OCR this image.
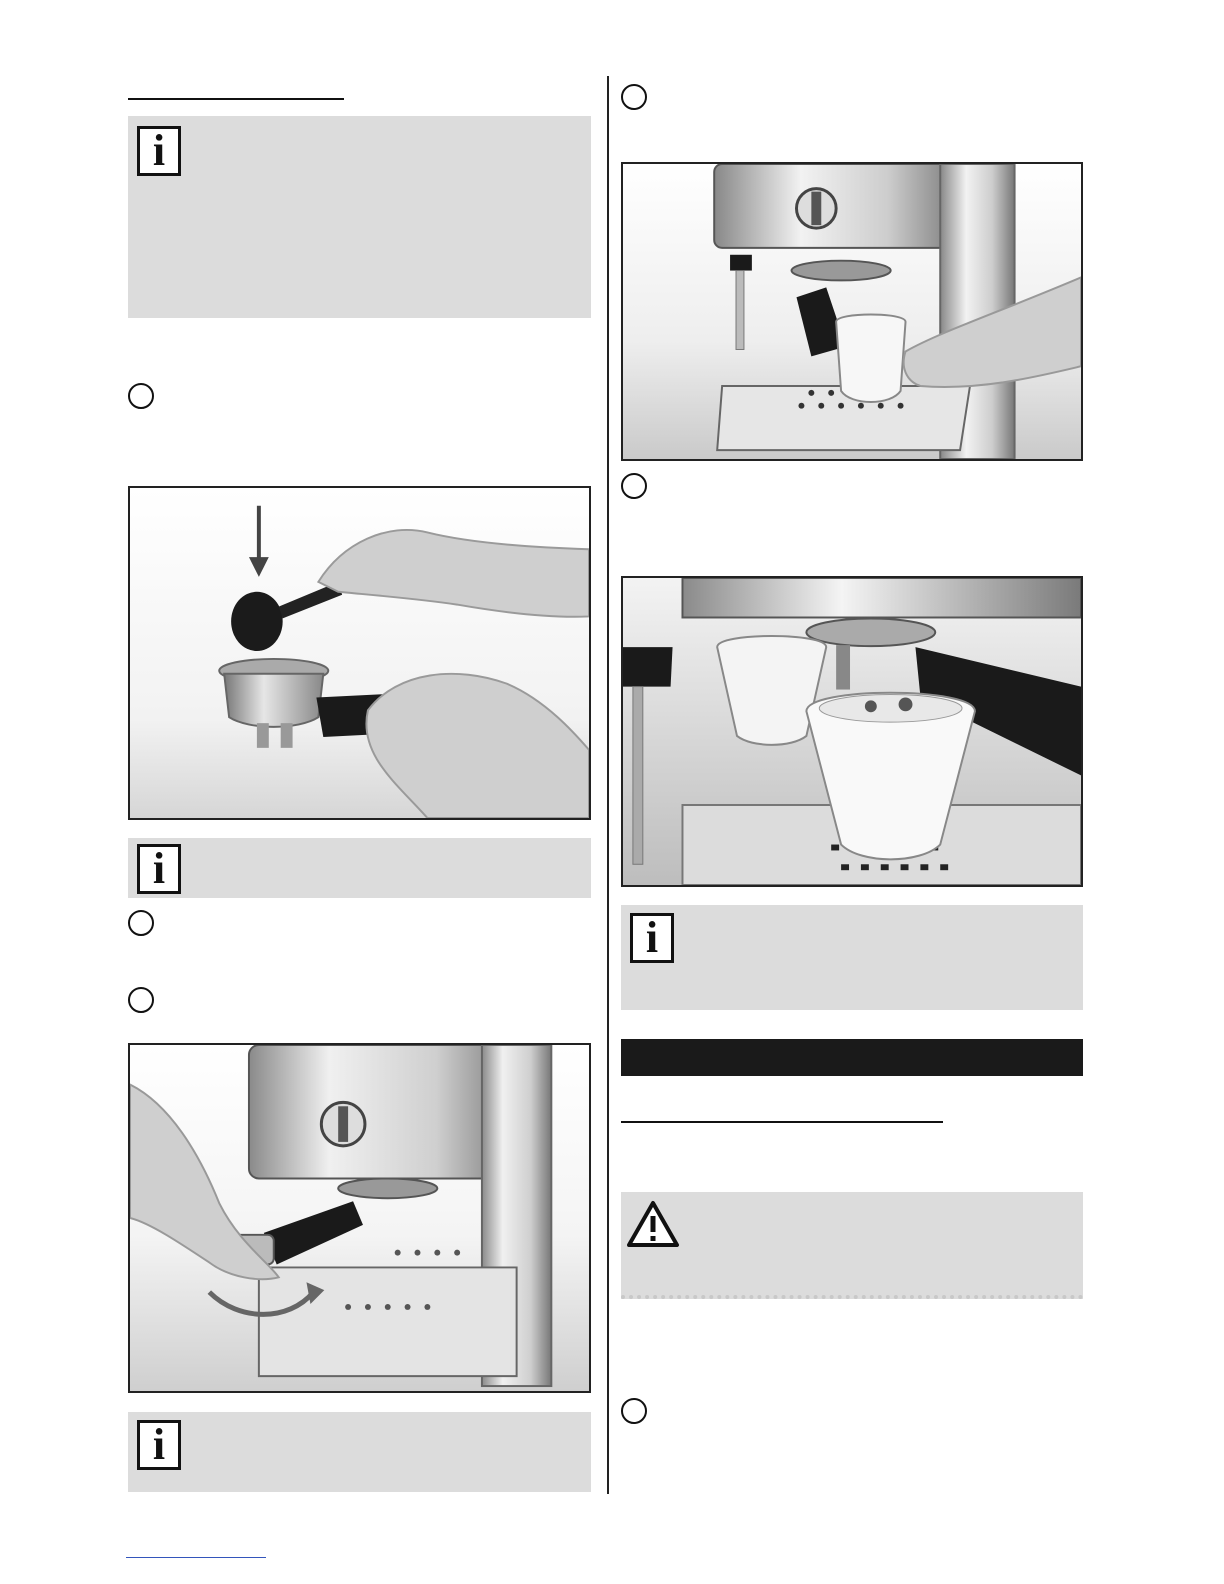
i
i
i
i
